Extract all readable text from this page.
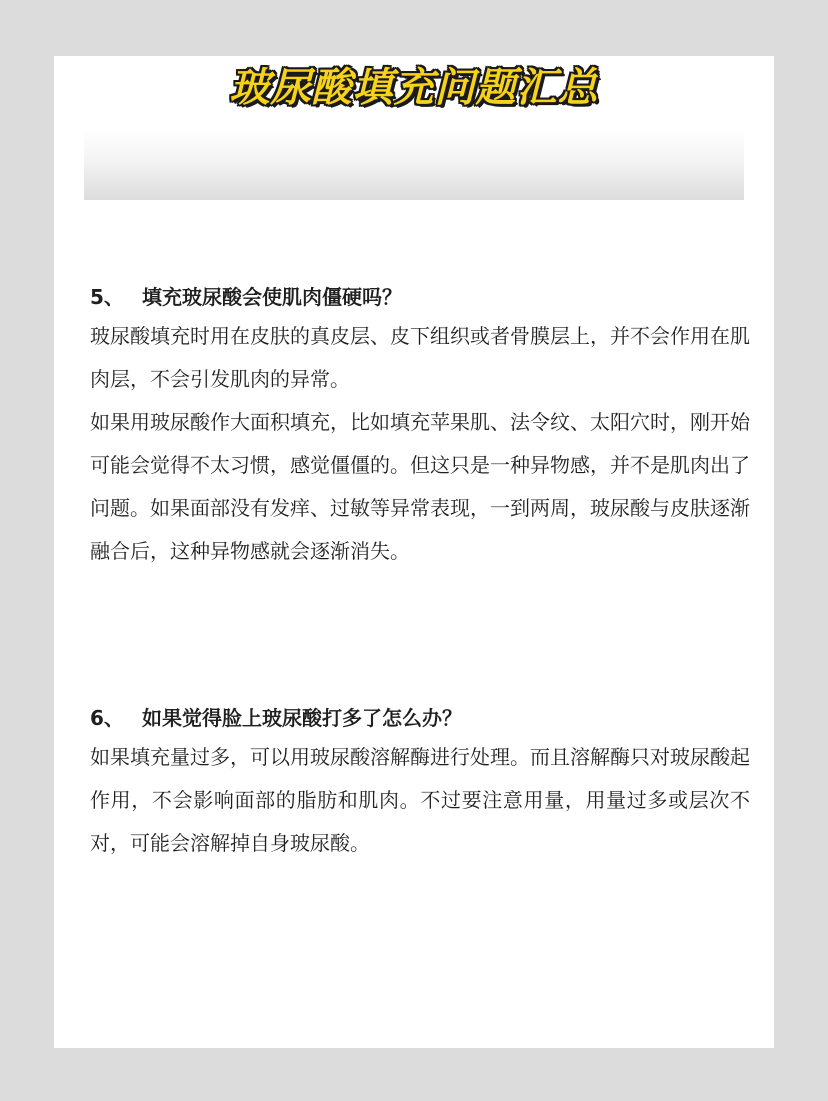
玻尿酸填充问题汇总
5、 填充玻尿酸会使肌肉僵硬吗？

玻尿酸填充时用在皮肤的真皮层、皮下组织或者骨膜层上，并不会作用在肌肉层，不会引发肌肉的异常。

如果用玻尿酸作大面积填充，比如填充苹果肌、法令纹、太阳穴时，刚开始可能会觉得不太习惯，感觉僵僵的。但这只是一种异物感，并不是肌肉出了问题。如果面部没有发痒、过敏等异常表现，一到两周，玻尿酸与皮肤逐渐融合后，这种异物感就会逐渐消失。

6、 如果觉得脸上玻尿酸打多了怎么办？

如果填充量过多，可以用玻尿酸溶解酶进行处理。而且溶解酶只对玻尿酸起作用，不会影响面部的脂肪和肌肉。不过要注意用量，用量过多或层次不对，可能会溶解掉自身玻尿酸。
